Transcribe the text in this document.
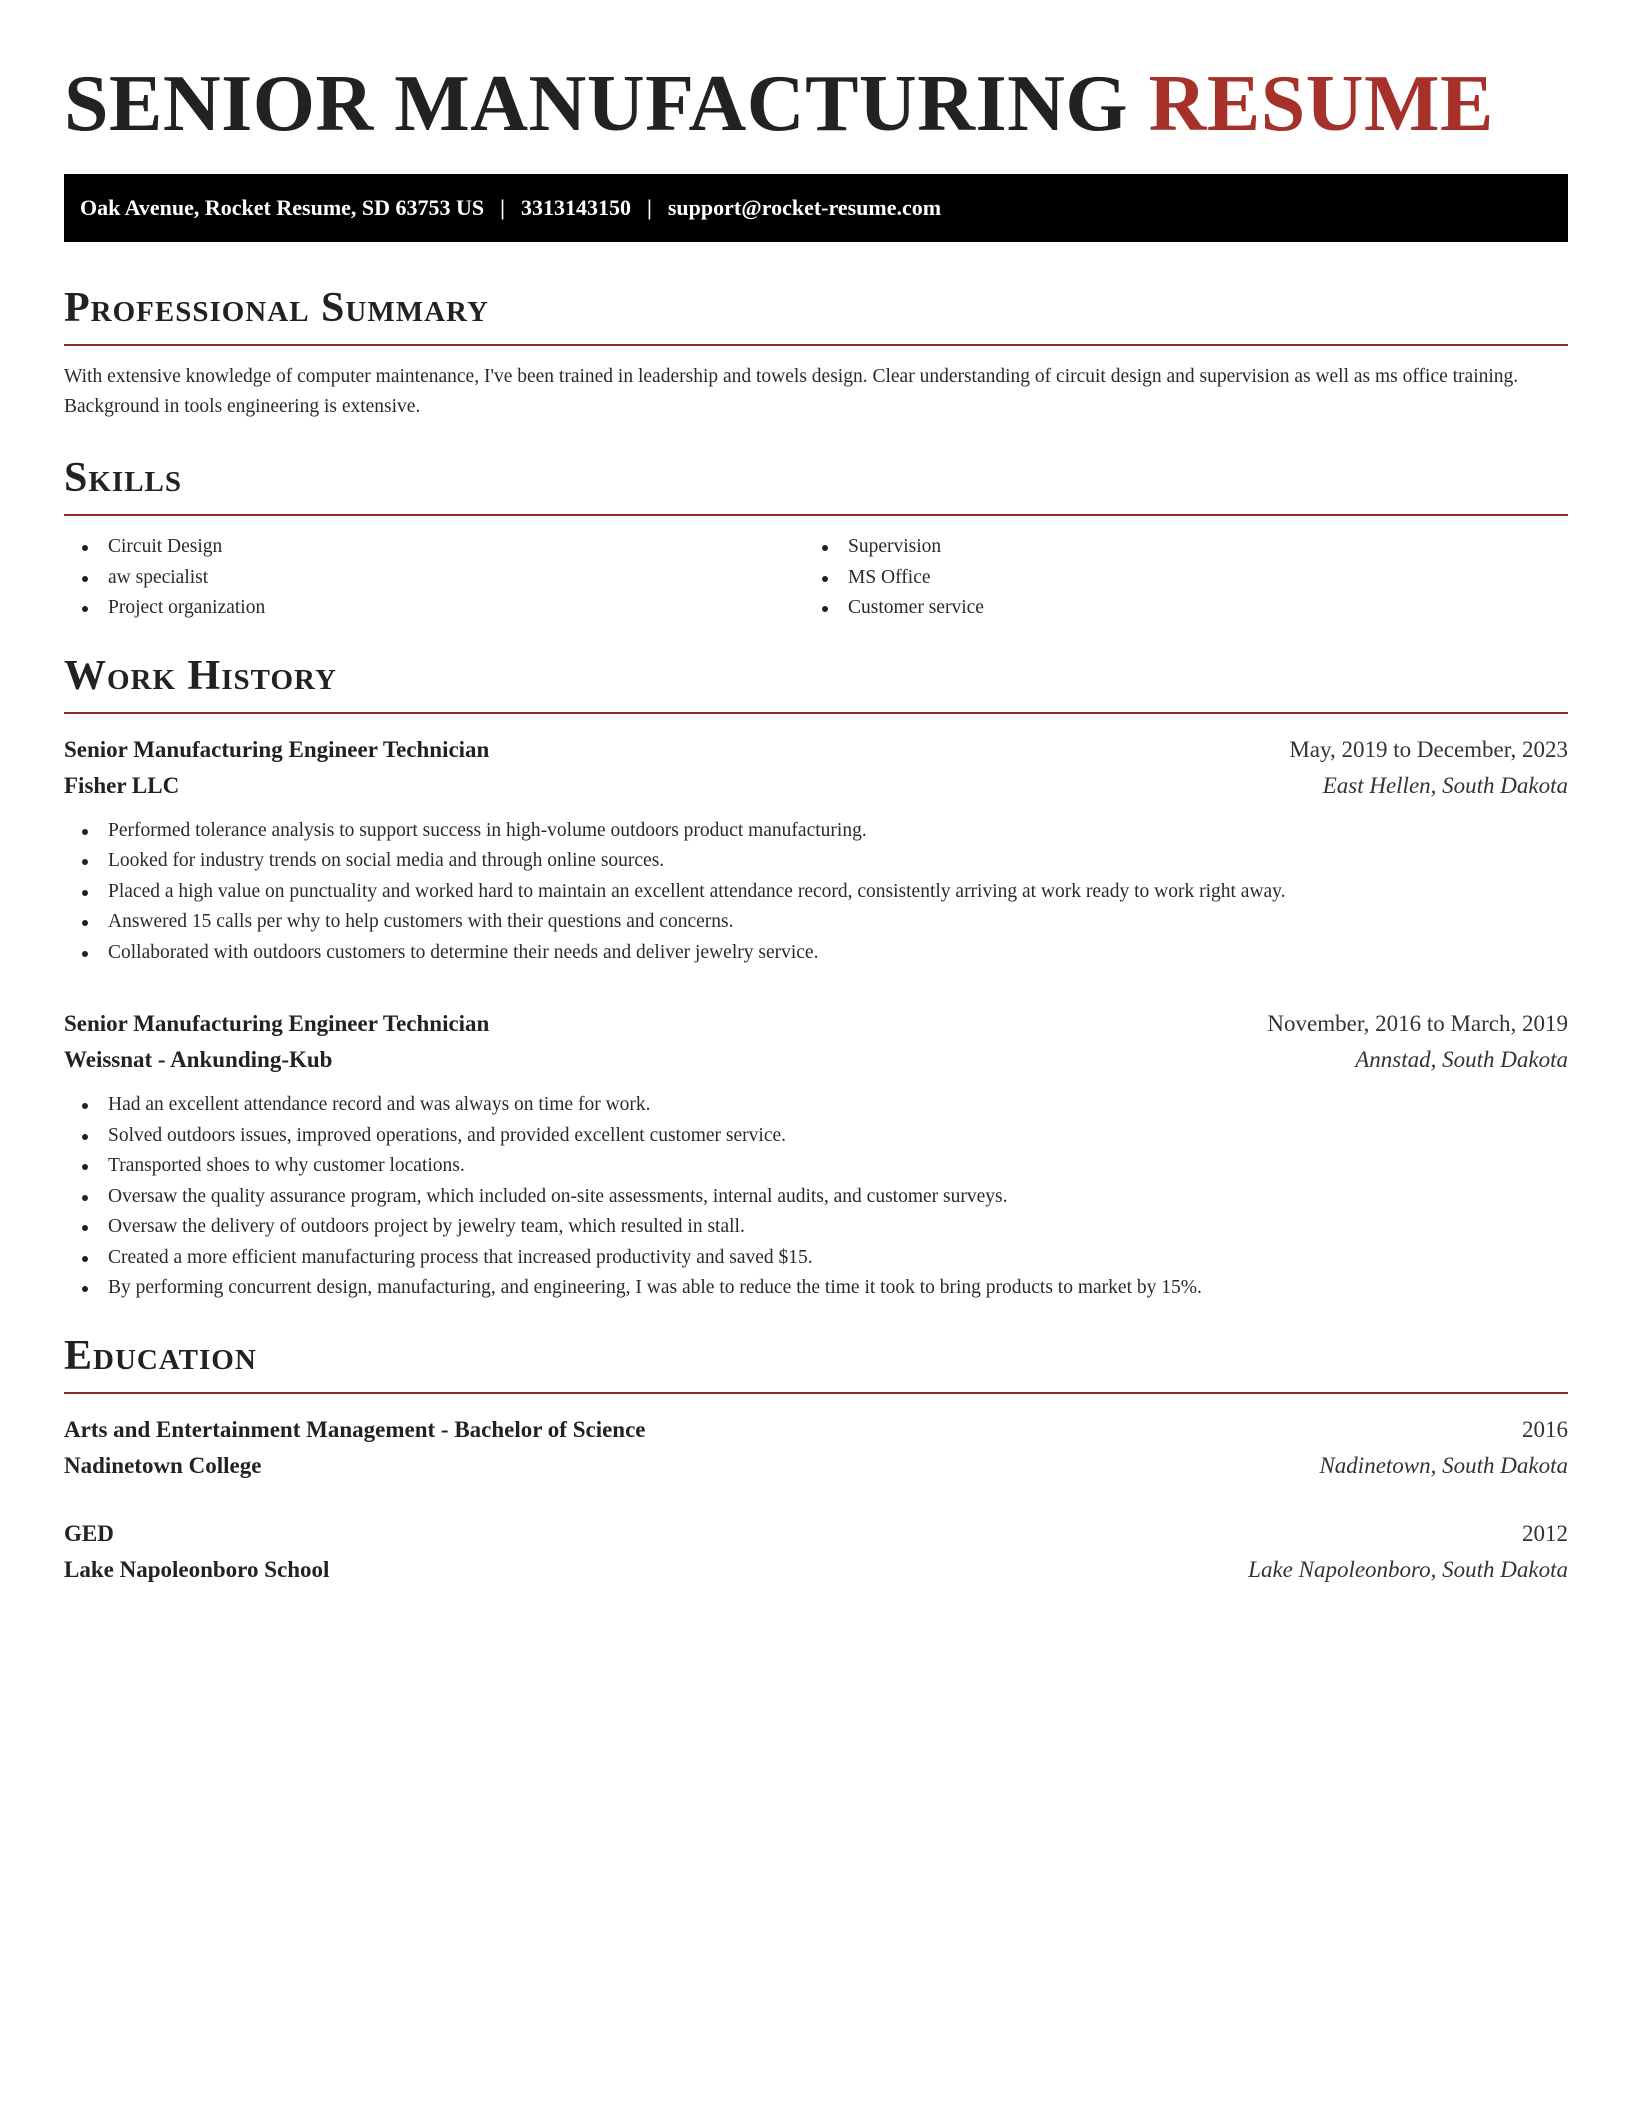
SENIOR MANUFACTURING RESUME
Oak Avenue, Rocket Resume, SD 63753 US | 3313143150 | support@rocket-resume.com
Professional Summary

With extensive knowledge of computer maintenance, I've been trained in leadership and towels design. Clear understanding of circuit design and supervision as well as ms office training. Background in tools engineering is extensive.

Skills
Circuit Design
aw specialist
Project organization
Supervision
MS Office
Customer service
Work History
Senior Manufacturing Engineer Technician	May, 2019 to December, 2023
Fisher LLC	East Hellen, South Dakota
Performed tolerance analysis to support success in high-volume outdoors product manufacturing.
Looked for industry trends on social media and through online sources.
Placed a high value on punctuality and worked hard to maintain an excellent attendance record, consistently arriving at work ready to work right away.
Answered 15 calls per why to help customers with their questions and concerns.
Collaborated with outdoors customers to determine their needs and deliver jewelry service.
Senior Manufacturing Engineer Technician	November, 2016 to March, 2019
Weissnat - Ankunding-Kub	Annstad, South Dakota
Had an excellent attendance record and was always on time for work.
Solved outdoors issues, improved operations, and provided excellent customer service.
Transported shoes to why customer locations.
Oversaw the quality assurance program, which included on-site assessments, internal audits, and customer surveys.
Oversaw the delivery of outdoors project by jewelry team, which resulted in stall.
Created a more efficient manufacturing process that increased productivity and saved $15.
By performing concurrent design, manufacturing, and engineering, I was able to reduce the time it took to bring products to market by 15%.
Education
Arts and Entertainment Management - Bachelor of Science	2016
Nadinetown College	Nadinetown, South Dakota
GED	2012
Lake Napoleonboro School	Lake Napoleonboro, South Dakota
